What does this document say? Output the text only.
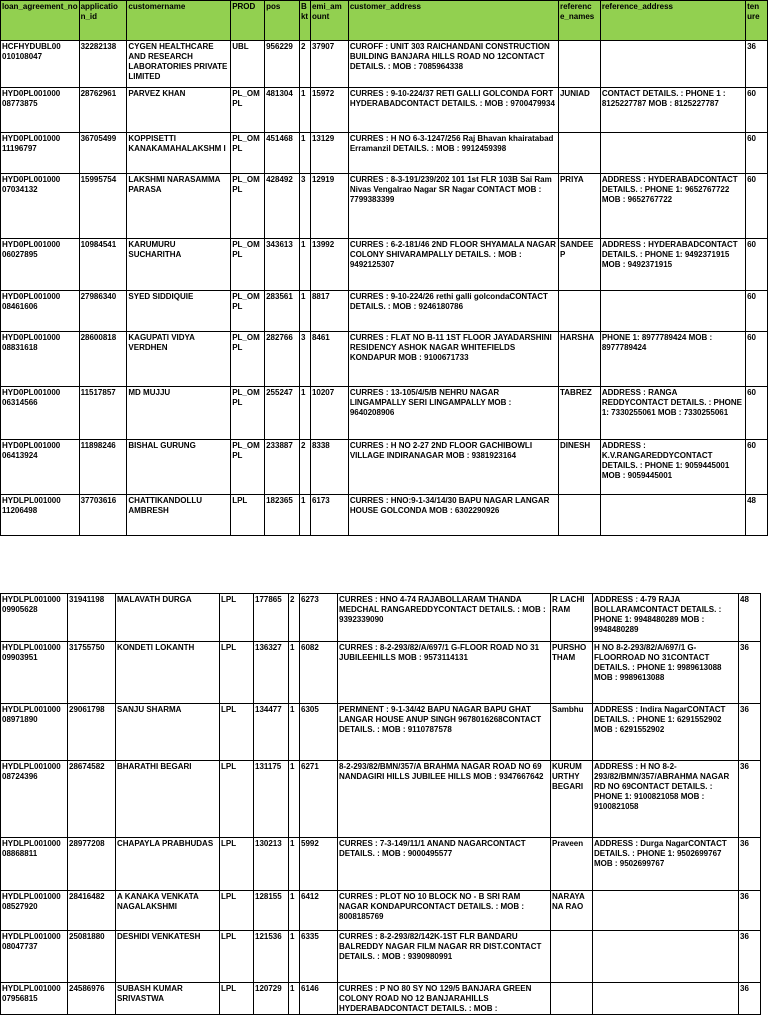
loan_agreement_no	applicatio n_id	customername	PROD	pos	B kt	emi_am ount	customer_address	referenc e_names	reference_address	ten ure
HCFHYDUBL00 010108047	32282138	CYGEN HEALTHCARE AND RESEARCH LABORATORIES PRIVATE LIMITED	UBL	956229	2	37907	CUROFF : UNIT 303 RAICHANDANI CONSTRUCTION BUILDING BANJARA HILLS ROAD NO 12CONTACT DETAILS. : MOB : 7085964338			36
HYD0PL001000 08773875	28762961	PARVEZ KHAN	PL_OM PL	481304	1	15972	CURRES : 9-10-224/37 RETI GALLI GOLCONDA FORT HYDERABADCONTACT DETAILS. : MOB : 9700479934	JUNIAD	CONTACT DETAILS. : PHONE 1 : 8125227787 MOB : 8125227787	60
HYD0PL001000 11196797	36705499	KOPPISETTI KANAKAMAHALAKSHM I	PL_OM PL	451468	1	13129	CURRES : H NO 6-3-1247/256 Raj Bhavan khairatabad Erramanzil DETAILS. : MOB : 9912459398			60
HYD0PL001000 07034132	15995754	LAKSHMI NARASAMMA PARASA	PL_OM PL	428492	3	12919	CURRES : 8-3-191/239/202 101 1st FLR 103B Sai Ram Nivas Vengalrao Nagar SR Nagar CONTACT MOB : 7799383399	PRIYA	ADDRESS : HYDERABADCONTACT DETAILS. : PHONE 1: 9652767722 MOB : 9652767722	60
HYD0PL001000 06027895	10984541	KARUMURU SUCHARITHA	PL_OM PL	343613	1	13992	CURRES : 6-2-181/46 2ND FLOOR SHYAMALA NAGAR COLONY SHIVARAMPALLY DETAILS. : MOB : 9492125307	SANDEE P	ADDRESS : HYDERABADCONTACT DETAILS. : PHONE 1: 9492371915 MOB : 9492371915	60
HYD0PL001000 08461606	27986340	SYED SIDDIQUIE	PL_OM PL	283561	1	8817	CURRES : 9-10-224/26 rethi galli golcondaCONTACT DETAILS. : MOB : 9246180786			60
HYD0PL001000 08831618	28600818	KAGUPATI VIDYA VERDHEN	PL_OM PL	282766	3	8461	CURRES : FLAT NO B-11 1ST FLOOR JAYADARSHINI RESIDENCY ASHOK NAGAR WHITEFIELDS KONDAPUR MOB : 9100671733	HARSHA	PHONE 1: 8977789424 MOB : 8977789424	60
HYD0PL001000 06314566	11517857	MD MUJJU	PL_OM PL	255247	1	10207	CURRES : 13-105/4/5/B NEHRU NAGAR LINGAMPALLY SERI LINGAMPALLY MOB : 9640208906	TABREZ	ADDRESS : RANGA REDDYCONTACT DETAILS. : PHONE 1: 7330255061 MOB : 7330255061	60
HYD0PL001000 06413924	11898246	BISHAL GURUNG	PL_OM PL	233887	2	8338	CURRES : H NO 2-27 2ND FLOOR GACHIBOWLI VILLAGE INDIRANAGAR MOB : 9381923164	DINESH	ADDRESS : K.V.RANGAREDDYCONTACT DETAILS. : PHONE 1: 9059445001 MOB : 9059445001	60
HYDLPL001000 11206498	37703616	CHATTIKANDOLLU AMBRESH	LPL	182365	1	6173	CURRES : HNO:9-1-34/14/30 BAPU NAGAR LANGAR HOUSE GOLCONDA MOB : 6302290926			48
HYDLPL001000 09905628	31941198	MALAVATH DURGA	LPL	177865	2	6273	CURRES : HNO 4-74 RAJABOLLARAM THANDA MEDCHAL RANGAREDDYCONTACT DETAILS. : MOB : 9392339090	R LACHI RAM	ADDRESS : 4-79 RAJA BOLLARAMCONTACT DETAILS. : PHONE 1: 9948480289 MOB : 9948480289	48
HYDLPL001000 09903951	31755750	KONDETI LOKANTH	LPL	136327	1	6082	CURRES : 8-2-293/82/A/697/1 G-FLOOR ROAD NO 31 JUBILEEHILLS MOB : 9573114131	PURSHO THAM	H NO 8-2-293/82/A/697/1 G-FLOORROAD NO 31CONTACT DETAILS. : PHONE 1: 9989613088 MOB : 9989613088	36
HYDLPL001000 08971890	29061798	SANJU SHARMA	LPL	134477	1	6305	PERMNENT : 9-1-34/42 BAPU NAGAR BAPU GHAT LANGAR HOUSE ANUP SINGH 9678016268CONTACT DETAILS. : MOB : 9110787578	Sambhu	ADDRESS : Indira NagarCONTACT DETAILS. : PHONE 1: 6291552902 MOB : 6291552902	36
HYDLPL001000 08724396	28674582	BHARATHI BEGARI	LPL	131175	1	6271	8-2-293/82/BMN/357/A BRAHMA NAGAR ROAD NO 69 NANDAGIRI HILLS JUBILEE HILLS MOB : 9347667642	KURUM URTHY BEGARI	ADDRESS : H NO 8-2-293/82/BMN/357/ABRAHMA NAGAR RD NO 69CONTACT DETAILS. : PHONE 1: 9100821058 MOB : 9100821058	36
HYDLPL001000 08868811	28977208	CHAPAYLA PRABHUDAS	LPL	130213	1	5992	CURRES : 7-3-149/11/1 ANAND NAGARCONTACT DETAILS. : MOB : 9000495577	Praveen	ADDRESS : Durga NagarCONTACT DETAILS. : PHONE 1: 9502699767 MOB : 9502699767	36
HYDLPL001000 08527920	28416482	A KANAKA VENKATA NAGALAKSHMI	LPL	128155	1	6412	CURRES : PLOT NO 10 BLOCK NO - B SRI RAM NAGAR KONDAPURCONTACT DETAILS. : MOB : 8008185769	NARAYA NA RAO		36
HYDLPL001000 08047737	25081880	DESHIDI VENKATESH	LPL	121536	1	6335	CURRES : 8-2-293/82/142K-1ST FLR BANDARU BALREDDY NAGAR FILM NAGAR RR DIST.CONTACT DETAILS. : MOB : 9390980991			36
HYDLPL001000 07956815	24586976	SUBASH KUMAR SRIVASTWA	LPL	120729	1	6146	CURRES : P NO 80 SY NO 129/5 BANJARA GREEN COLONY ROAD NO 12 BANJARAHILLS HYDERABADCONTACT DETAILS. : MOB :			36
